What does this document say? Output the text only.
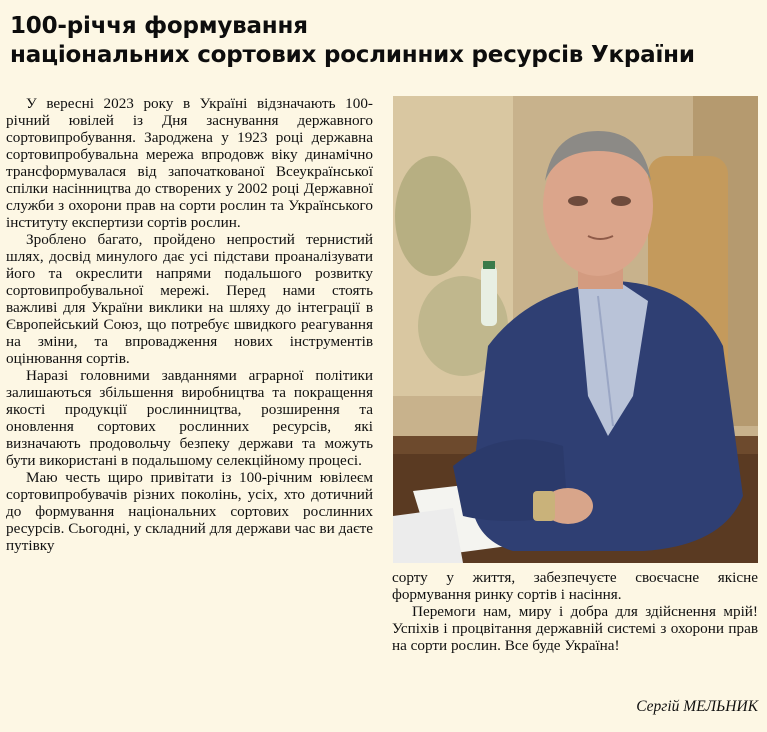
100-річчя формування
національних сортових рослинних ресурсів України

У вересні 2023 року в Україні відзначають 100-річний ювілей із Дня заснування державного сортовипробування. Зароджена у 1923 році державна сортовипробувальна мережа впродовж віку динамічно трансформувалася від започаткованої Всеукраїнської спілки насінництва до створених у 2002 році Державної служби з охорони прав на сорти рослин та Українського інституту експертизи сортів рослин.

Зроблено багато, пройдено непростий тернистий шлях, досвід минулого дає усі підстави проаналізувати його та окреслити напрями подальшого розвитку сортовипробувальної мережі. Перед нами стоять важливі для України виклики на шляху до інтеграції в Європейський Союз, що потребує швидкого реагування на зміни, та впровадження нових інструментів оцінювання сортів.

Наразі головними завданнями аграрної політики залишаються збільшення виробництва та покращення якості продукції рослинництва, розширення та оновлення сортових рослинних ресурсів, які визначають продовольчу безпеку держави та можуть бути використані в подальшому селекційному процесі.

Маю честь щиро привітати із 100-річним ювілеєм сортовипробувачів різних поколінь, усіх, хто дотичний до формування національних сортових рослинних ресурсів. Сьогодні, у складний для держави час ви даєте путівку

сорту у життя, забезпечуєте своєчасне якісне формування ринку сортів і насіння.

Перемоги нам, миру і добра для здійснення мрій! Успіхів і процвітання державній системі з охорони прав на сорти рослин. Все буде Україна!

Сергій МЕЛЬНИК
